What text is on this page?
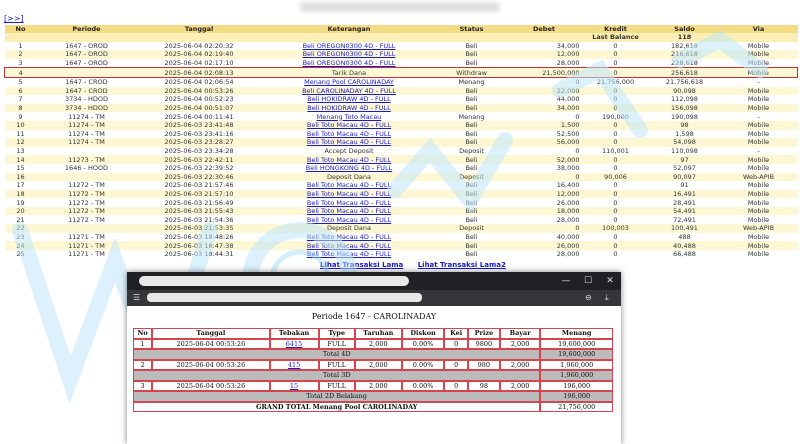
[>>]
No	Periode	Tanggal	Keterangan	Status	Debet	Kredit	Saldo	Via
						Last Balance	118	
1	1647 - OROD	2025-06-04 02:20:32	Beli OREGON0300 4D - FULL	Beli	34,000	0	182,618	Mobile
2	1647 - OROD	2025-06-04 02:19:40	Beli OREGON0300 4D - FULL	Beli	12,000	0	216,618	Mobile
3	1647 - OROD	2025-06-04 02:17:10	Beli OREGON0300 4D - FULL	Beli	28,000	0	228,618	Mobile
4		2025-06-04 02:08:13	Tarik Dana	Withdraw	21,500,000	0	256,618	Mobile
5	1647 - CROD	2025-06-04 02:06:54	Menang Pool CAROLINADAY	Menang	0	21,756,000	21,756,618	-
6	1647 - CROD	2025-06-04 00:53:26	Beli CAROLINADAY 4D - FULL	Beli	22,000	0	90,098	Mobile
7	3734 - HDOD	2025-06-04 00:52:23	Beli HOKIDRAW 4D - FULL	Beli	44,000	0	112,098	Mobile
8	3734 - HDOD	2025-06-04 00:51:07	Beli HOKIDRAW 4D - FULL	Beli	34,000	0	156,098	Mobile
9	11274 - TM	2025-06-04 00:11:41	Menang Toto Macau	Menang	0	190,000	190,098	-
10	11274 - TM	2025-06-03 23:41:48	Beli Toto Macau 4D - FULL	Beli	1,500	0	98	Mobile
11	11274 - TM	2025-06-03 23:41:16	Beli Toto Macau 4D - FULL	Beli	52,500	0	1,598	Mobile
12	11274 - TM	2025-06-03 23:28:27	Beli Toto Macau 4D - FULL	Beli	56,000	0	54,098	Mobile
13		2025-06-03 23:34:28	Accept Deposit	Deposit	0	110,001	110,098	-
14	11273 - TM	2025-06-03 22:42:11	Beli Toto Macau 4D - FULL	Beli	52,000	0	97	Mobile
15	1646 - HOOD	2025-06-03 22:39:52	Beli HONGKONG 4D - FULL	Beli	38,000	0	52,097	Mobile
16		2025-06-03 22:30:46	Deposit Dana	Deposit	0	90,006	90,097	Web-APIB
17	11272 - TM	2025-06-03 21:57:46	Beli Toto Macau 4D - FULL	Beli	16,400	0	91	Mobile
18	11272 - TM	2025-06-03 21:57:10	Beli Toto Macau 4D - FULL	Beli	12,000	0	16,491	Mobile
19	11272 - TM	2025-06-03 21:56:49	Beli Toto Macau 4D - FULL	Beli	26,000	0	28,491	Mobile
20	11272 - TM	2025-06-03 21:55:43	Beli Toto Macau 4D - FULL	Beli	18,000	0	54,491	Mobile
21	11272 - TM	2025-06-03 21:54:36	Beli Toto Macau 4D - FULL	Beli	28,000	0	72,491	Mobile
22		2025-06-03 21:53:35	Deposit Dana	Deposit	0	100,003	100,491	Web-APIB
23	11271 - TM	2025-06-03 18:48:26	Beli Toto Macau 4D - FULL	Beli	40,000	0	488	Mobile
24	11271 - TM	2025-06-03 18:47:38	Beli Toto Macau 4D - FULL	Beli	26,000	0	40,488	Mobile
25	11271 - TM	2025-06-03 18:44:31	Beli Toto Macau 4D - FULL	Beli	28,000	0	66,488	Mobile
Lihat Transaksi Lama Lihat Transaksi Lama2
—	☐	✕
☰	⊖ ⤓
Periode 1647 - CAROLINADAY
No	Tanggal	Tebakan	Type	Taruhan	Diskon	Kei	Prize	Bayar	Menang
1	2025-06-04 00:53:26	6415	FULL	2,000	0.00%	0	9800	2,000	19,600,000
Total 4D									19,600,000
2	2025-06-04 00:53:26	415	FULL	2,000	0.00%	0	980	2,000	1,960,000
Total 3D									1,960,000
3	2025-06-04 00:53:26	15	FULL	2,000	0.00%	0	98	2,000	196,000
Total 2D Belakang									196,000
GRAND TOTAL Menang Pool CAROLINADAY									21,756,000
